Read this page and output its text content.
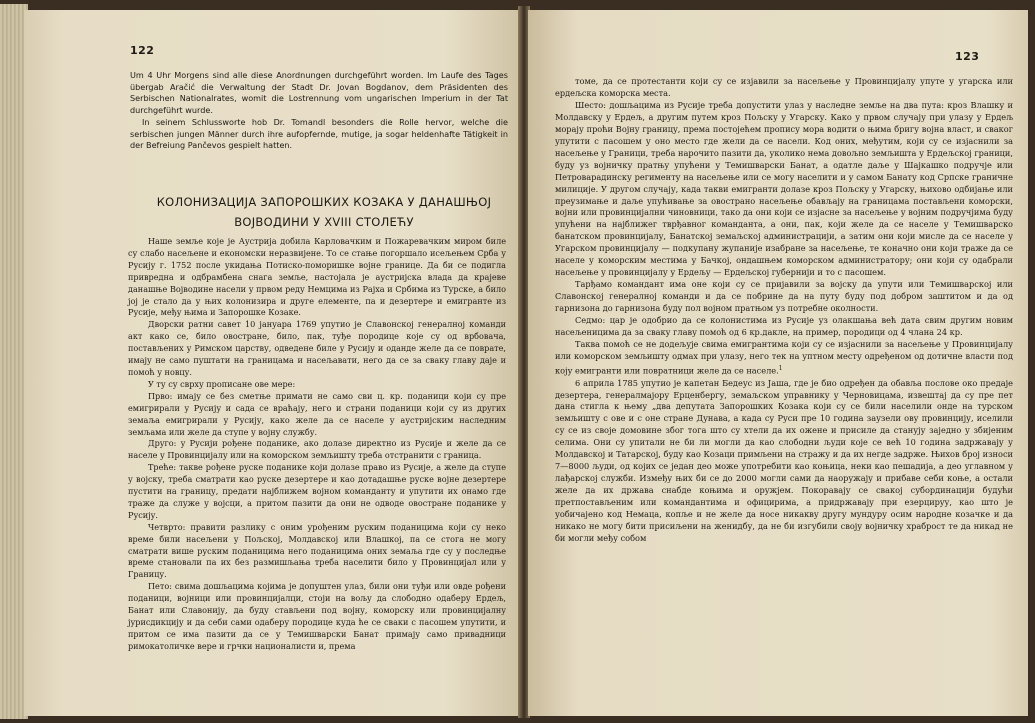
122

Um 4 Uhr Morgens sind alle diese Anordnungen durchgeführt worden. Im Laufe des Tages übergab Aračić die Verwaltung der Stadt Dr. Jovan Bogdanov, dem Präsidenten des Serbischen Nationalrates, womit die Lostrennung vom ungarischen Imperium in der Tat durchgeführt wurde.

In seinem Schlussworte hob Dr. Tomandl besonders die Rolle hervor, welche die serbischen jungen Männer durch ihre aufopfernde, mutige, ja sogar heldenhafte Tätigkeit in der Befreiung Pančevos gespielt hatten.

КОЛОНИЗАЦИЈА ЗАПОРОШКИХ КОЗАКА У ДАНАШЊОЈ ВОЈВОДИНИ У XVIII СТОЛЕЋУ

Наше земље које је Аустрија добила Карловачким и Пожаревачким миром биле су слабо насељене и економски неразвијене. То се стање погоршало исељењем Срба у Русију г. 1752 после укидања Потиско-поморишке војне границе. Да би се подигла привредна и одбрамбена снага земље, настојала је аустријска влада да крајеве данашње Војводине насели у првом реду Немцима из Рајха и Србима из Турске, а било јој је стало да у њих колонизира и друге елементе, па и дезертере и емигранте из Русије, међу њима и Запорошке Козаке.

Дворски ратни савет 10 јануара 1769 упутио је Славонској генералној команди акт како се, било овостране, било, пак, туђе породице које су од врбовача, постављених у Римском царству, одведене биле у Русију и оданде желе да се поврате, имају не само пуштати на границама и насељавати, него да се за сваку главу даје и помоћ у новцу.

У ту су сврху прописане ове мере:

Прво: имају се без сметње примати не само сви ц. кр. поданици који су пре емигрирали у Русију и сада се враћају, него и страни поданици који су из других земаља емигрирали у Русију, како желе да се населе у аустријским наследним земљама или желе да ступе у војну службу.

Друго: у Русији рођене поданике, ако долазе директно из Русије и желе да се населе у Провинцијалу или на коморском земљишту треба отстранити с граница.

Треће: такве рођене руске поданике који долазе право из Русије, а желе да ступе у војску, треба сматрати као руске дезертере и као дотадашње руске војне дезертере пустити на границу, предати најближем војном команданту и упутити их онамо где траже да служе у војсци, а притом пазити да они не одводе овостране поданике у Русију.

Четврто: правити разлику с оним урођеним руским поданицима који су неко време били насељени у Пољској, Молдавској или Влашкој, па се стога не могу сматрати више руским поданицима него поданицима оних земаља где су у последње време становали па их без размишљања треба населити било у Провинцијал или у Границу.

Пето: свима дошљацима којима је допуштен улаз, били они туђи или овде рођени поданици, војници или провинцијалци, стоји на вољу да слободно одаберу Ердељ, Банат или Славонију, да буду стављени под војну, коморску или провинцијалну јурисдикцију и да себи сами одаберу породице куда ће се сваки с пасошем упутити, и притом се има пазити да се у Темишварски Банат примају само привадници римокатоличке вере и грчки националисти и, према

123

томе, да се протестанти који су се изјавили за насељење у Провинцијалу упуте у угарска или ердељска коморска места.

Шесто: дошљацима из Русије треба допустити улаз у наследне земље на два пута: кроз Влашку и Молдавску у Ердељ, а другим путем кроз Пољску у Угарску. Како у првом случају при улазу у Ердељ морају проћи Војну границу, према постојећем пропису мора водити о њима бригу војна власт, и сваког упутити с пасошем у оно место где жели да се насели. Код оних, међутим, који су се изјаснили за насељење у Граници, треба нарочито пазити да, уколико нема довољно земљишта у Ердељској граници, буду уз војничку пратњу упућени у Темишварски Банат, а одатле даље у Шајкашко подручје или Петроварадинску регименту на насељење или се могу населити и у самом Банату код Српске граничне милиције. У другом случају, када такви емигранти долазе кроз Пољску у Угарску, њихово одбијање или преузимање и даље упућивање за овострано насељење обављају на границама постављени коморски, војни или провинцијални чиновници, тако да они који се изјасне за насељење у војним подручјима буду упућени на најближег тврђавног команданта, а они, пак, који желе да се населе у Темишварско банатском провинцијалу, Банатској земаљској администрацији, а затим они који мисле да се населе у Угарском провинцијалу — подкупану жупанијe изабране за насељење, те коначно они који траже да се населе у коморским местима у Бачкој, ондашњем коморском администратору; они који су одабрали насељење у провинцијалу у Ердељу — Ердељској губернији и то с пасошем.

Тарђамо командант има оне који су се пријавили за војску да упути или Темишварској или Славонској генералној команди и да се побрине да на путу буду под добром заштитом и да од гарнизона до гарнизона буду пол војном пратњом уз потребне околности.

Седмо: цар је одобрио да се колонистима из Русије уз олакшања већ дата свим другим новим насељеницима да за сваку главу помоћ од 6 кр.дакле, на пример, породици од 4 члана 24 кр.

Таква помоћ се не додељује свима емигрантима који су се изјаснили за насељење у Провинцијалу или коморском земљишту одмах при улазу, него тек на уптном месту одређеном од дотичне власти под коју емигранти или повратници желе да се населе.$^1$

6 априла 1785 упутио је капетан Бедеус из Јаша, где је био одређен да обавља послове око предаје дезертера, генералмајору Ерценбергу, земаљском управнику у Черновицама, извештај да су пре пет дана стигла к њему „два депутата Запорошких Козака који су се били населили онде на турском земљишту с ове и с оне стране Дунава, а када су Руси пре 10 година заузели ову провинцију, иселили су се из своје домовине због тога што су хтели да их ожене и присиле да станују заједно у збијеним селима. Они су упитали не би ли могли да као слободни људи које се већ 10 година задржавају у Молдавској и Татарској, буду као Козаци примљени на стражу и да их негде задрже. Њихов број износи 7—8000 људи, од којих се један део може употребити као коњица, неки као пешадија, а део углавном у лађарској служби. Између њих би се до 2000 могли сами да наоружају и прибаве себи коње, а остали желе да их држава снабде коњима и оружјем. Покоравају се свакој субординацији будући претпостављеним или командантима и официрима, а придржавају при езерцирyу, као што је уобичајено код Немаца, копље и не желе да носе никакву другу мундуру осим народне козачке и да никако не могу бити присиљени на женидбу, да не би изгубили своју војничку храброст те да никад не би могли међу собом
